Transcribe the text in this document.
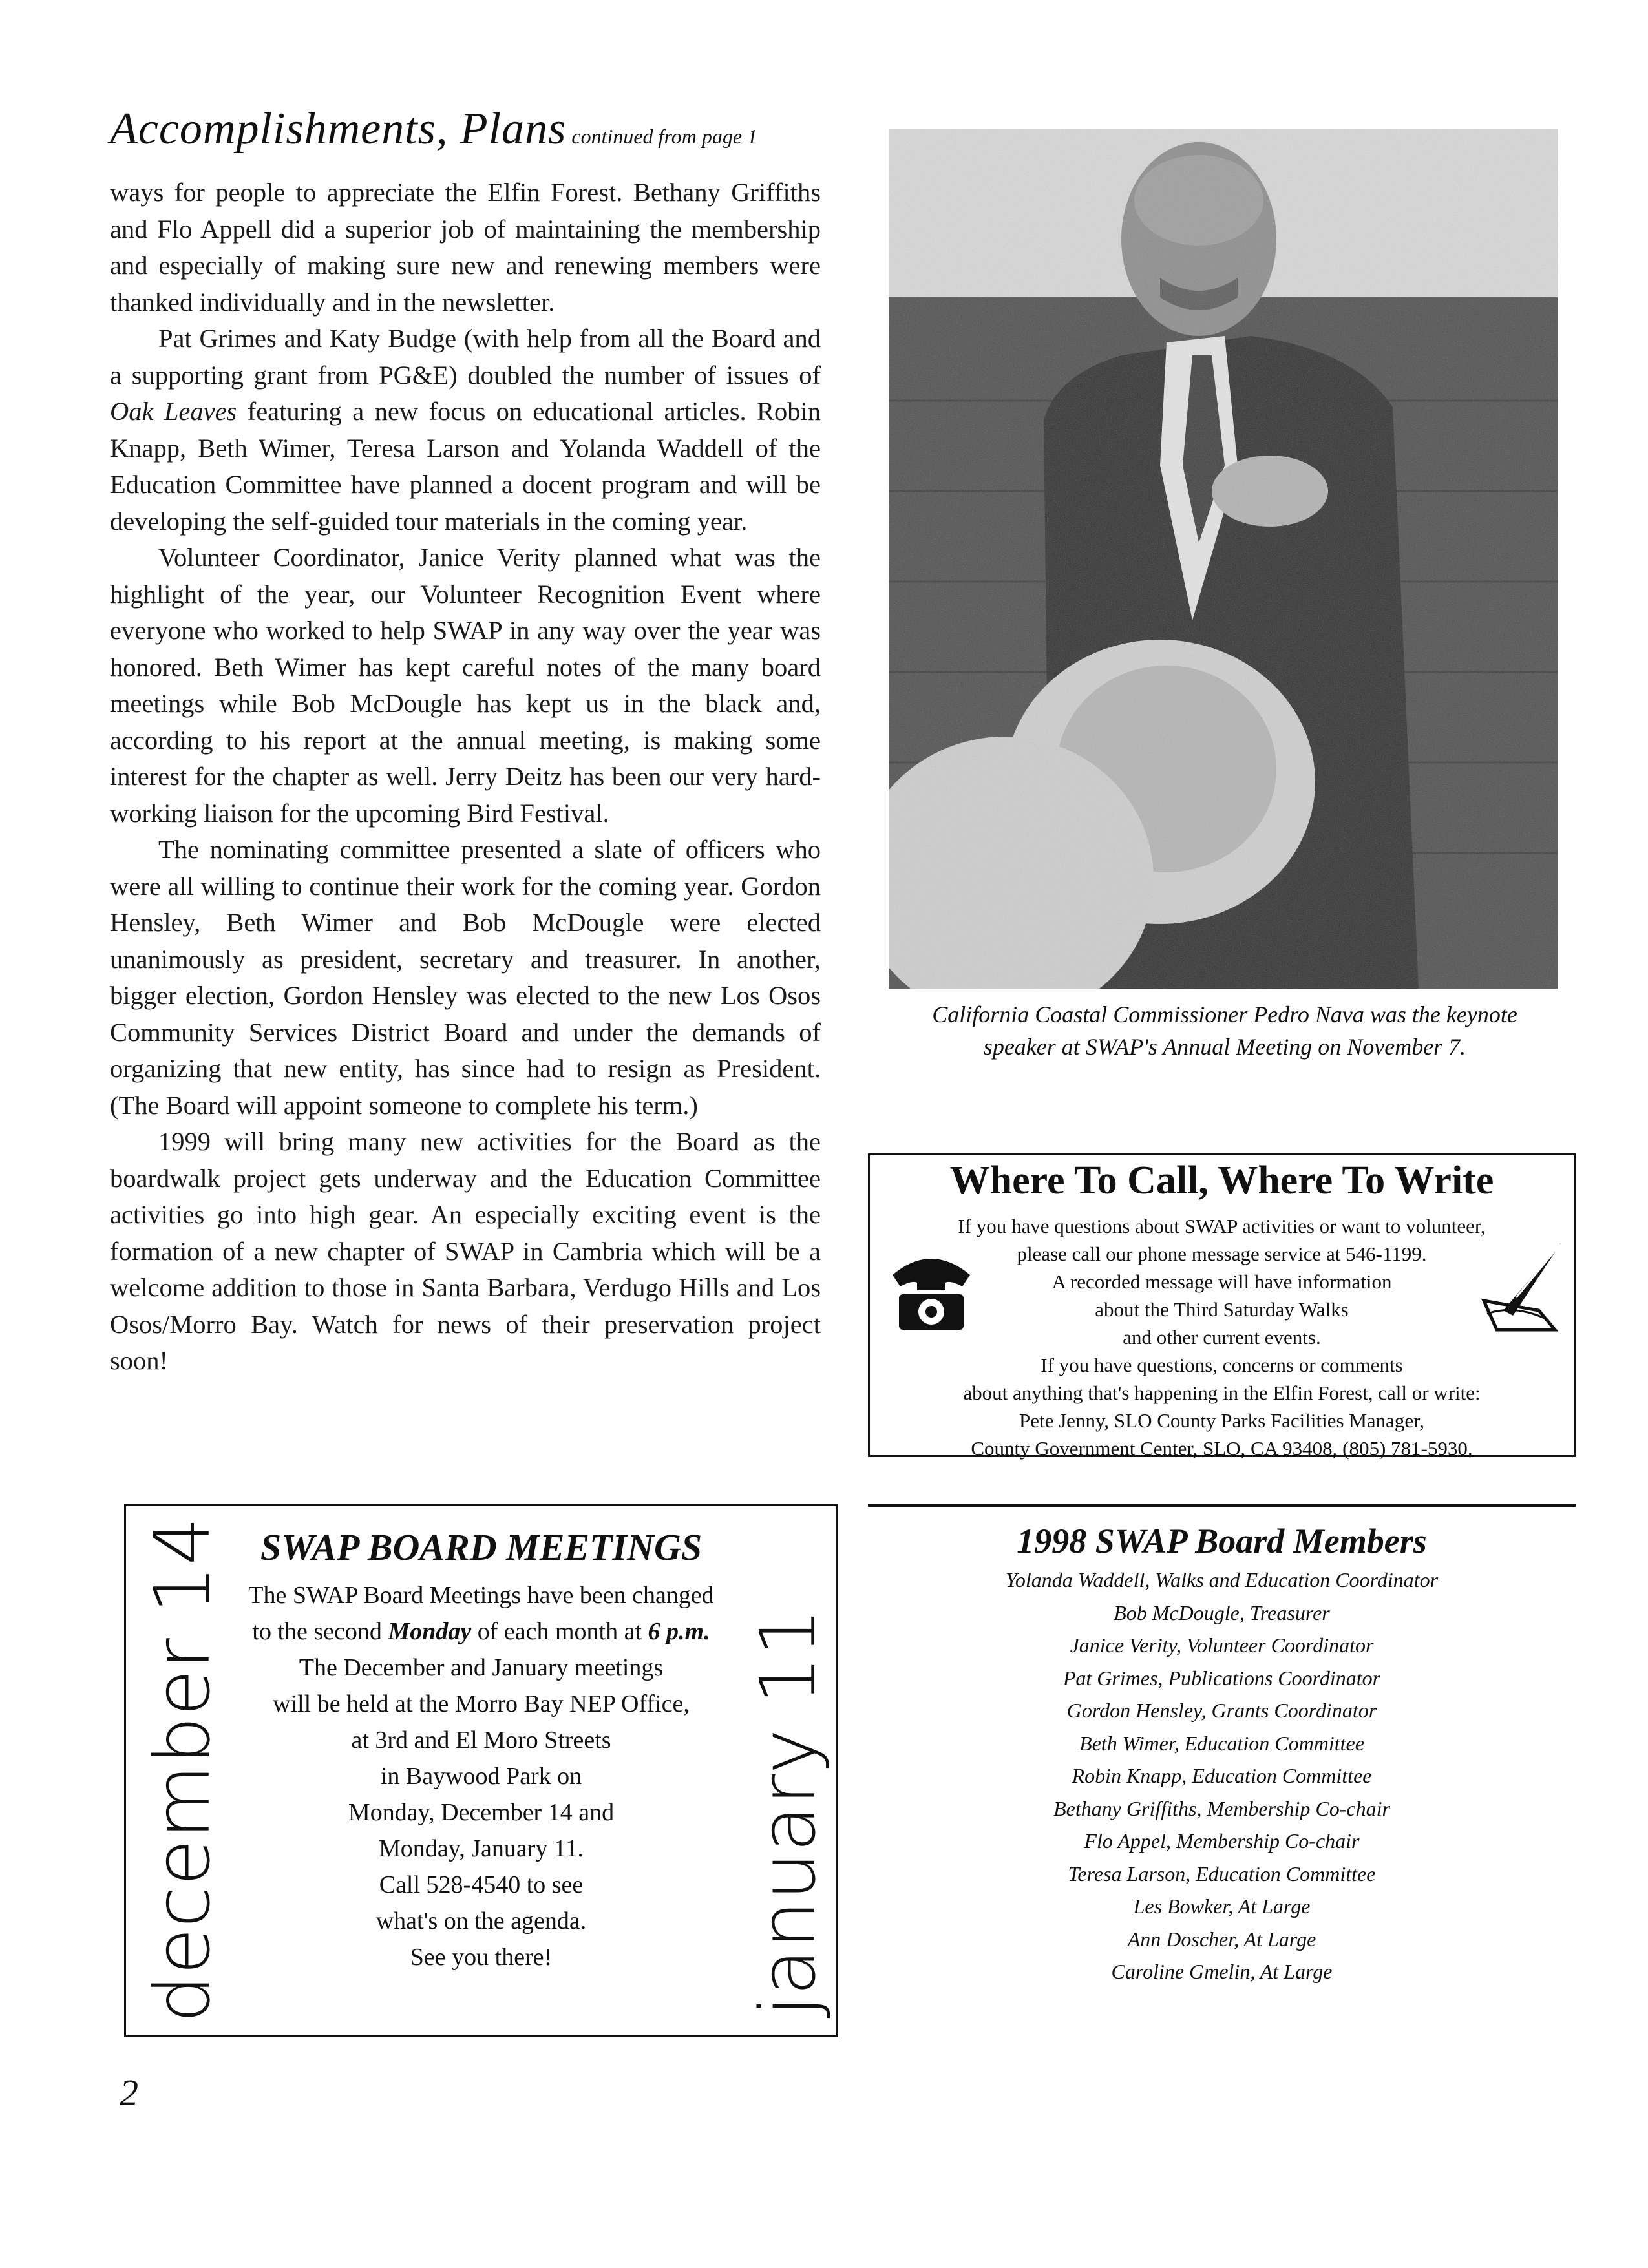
Accomplishments, Plans continued from page 1

ways for people to appreciate the Elfin Forest. Bethany Griffiths and Flo Appell did a superior job of maintaining the membership and especially of making sure new and renewing members were thanked individually and in the newsletter.

Pat Grimes and Katy Budge (with help from all the Board and a supporting grant from PG&E) doubled the number of issues of Oak Leaves featuring a new focus on educational articles. Robin Knapp, Beth Wimer, Teresa Larson and Yolanda Waddell of the Education Committee have planned a docent program and will be developing the self-guided tour materials in the coming year.

Volunteer Coordinator, Janice Verity planned what was the highlight of the year, our Volunteer Recognition Event where everyone who worked to help SWAP in any way over the year was honored. Beth Wimer has kept careful notes of the many board meetings while Bob McDougle has kept us in the black and, according to his report at the annual meeting, is making some interest for the chapter as well. Jerry Deitz has been our very hard-working liaison for the upcoming Bird Festival.

The nominating committee presented a slate of officers who were all willing to continue their work for the coming year. Gordon Hensley, Beth Wimer and Bob McDougle were elected unanimously as president, secretary and treasurer. In another, bigger election, Gordon Hensley was elected to the new Los Osos Community Services District Board and under the demands of organizing that new entity, has since had to resign as President. (The Board will appoint someone to complete his term.)

1999 will bring many new activities for the Board as the boardwalk project gets underway and the Education Committee activities go into high gear. An especially exciting event is the formation of a new chapter of SWAP in Cambria which will be a welcome addition to those in Santa Barbara, Verdugo Hills and Los Osos/Morro Bay. Watch for news of their preservation project soon!

California Coastal Commissioner Pedro Nava was the keynote
speaker at SWAP's Annual Meeting on November 7.
Where To Call, Where To Write
If you have questions about SWAP activities or want to volunteer,
please call our phone message service at 546-1199.
A recorded message will have information
about the Third Saturday Walks
and other current events.
If you have questions, concerns or comments
about anything that's happening in the Elfin Forest, call or write:
Pete Jenny, SLO County Parks Facilities Manager,
County Government Center, SLO, CA 93408, (805) 781-5930.
SWAP BOARD MEETINGS
The SWAP Board Meetings have been changed
to the second Monday of each month at 6 p.m.
The December and January meetings
will be held at the Morro Bay NEP Office,
at 3rd and El Moro Streets
in Baywood Park on
Monday, December 14 and
Monday, January 11.
Call 528-4540 to see
what's on the agenda.
See you there!
december 14	january 11
1998 SWAP Board Members
Yolanda Waddell, Walks and Education Coordinator
Bob McDougle, Treasurer
Janice Verity, Volunteer Coordinator
Pat Grimes, Publications Coordinator
Gordon Hensley, Grants Coordinator
Beth Wimer, Education Committee
Robin Knapp, Education Committee
Bethany Griffiths, Membership Co-chair
Flo Appel, Membership Co-chair
Teresa Larson, Education Committee
Les Bowker, At Large
Ann Doscher, At Large
Caroline Gmelin, At Large
2
